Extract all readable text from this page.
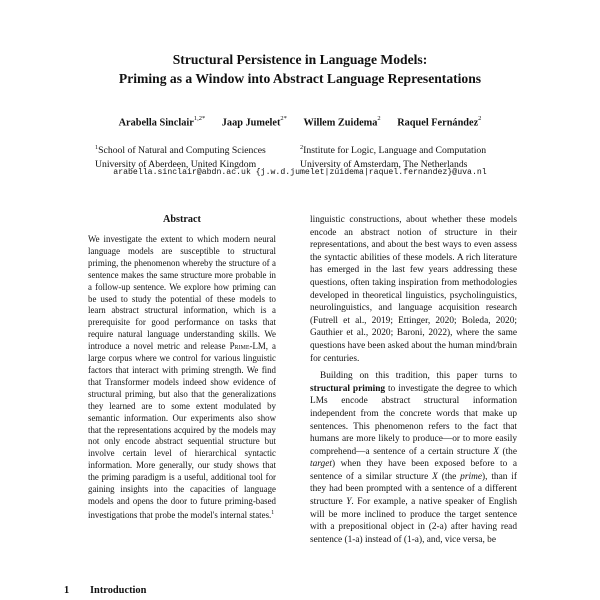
Structural Persistence in Language Models:
Priming as a Window into Abstract Language Representations
Arabella Sinclair$^{1,2*}$ Jaap Jumelet$^{2*}$ Willem Zuidema$^2$ Raquel Fernández$^2$
$^1$School of Natural and Computing Sciences
University of Aberdeen, United Kingdom
$^2$Institute for Logic, Language and Computation
University of Amsterdam, The Netherlands
arabella.sinclair@abdn.ac.uk {j.w.d.jumelet|zuidema|raquel.fernandez}@uva.nl
Abstract
We investigate the extent to which modern neural language models are susceptible to structural priming, the phenomenon whereby the structure of a sentence makes the same structure more probable in a follow-up sentence. We explore how priming can be used to study the potential of these models to learn abstract structural information, which is a prerequisite for good performance on tasks that require natural language understanding skills. We introduce a novel metric and release Prime-LM, a large corpus where we control for various linguistic factors that interact with priming strength. We find that Transformer models indeed show evidence of structural priming, but also that the generalizations they learned are to some extent modulated by semantic information. Our experiments also show that the representations acquired by the models may not only encode abstract sequential structure but involve certain level of hierarchical syntactic information. More generally, our study shows that the priming paradigm is a useful, additional tool for gaining insights into the capacities of language models and opens the door to future priming-based investigations that probe the model's internal states.$^1$
1 Introduction

linguistic constructions, about whether these models encode an abstract notion of structure in their representations, and about the best ways to even assess the syntactic abilities of these models. A rich literature has emerged in the last few years addressing these questions, often taking inspiration from methodologies developed in theoretical linguistics, psycholinguistics, neurolinguistics, and language acquisition research (Futrell et al., 2019; Ettinger, 2020; Boleda, 2020; Gauthier et al., 2020; Baroni, 2022), where the same questions have been asked about the human mind/brain for centuries.

Building on this tradition, this paper turns to structural priming to investigate the degree to which LMs encode abstract structural information independent from the concrete words that make up sentences. This phenomenon refers to the fact that humans are more likely to produce—or to more easily comprehend—a sentence of a certain structure X (the target) when they have been exposed before to a sentence of a similar structure X (the prime), than if they had been prompted with a sentence of a different structure Y. For example, a native speaker of English will be more inclined to produce the target sentence with a prepositional object in (2-a) after having read sentence (1-a) instead of (1-a), and, vice versa, be
